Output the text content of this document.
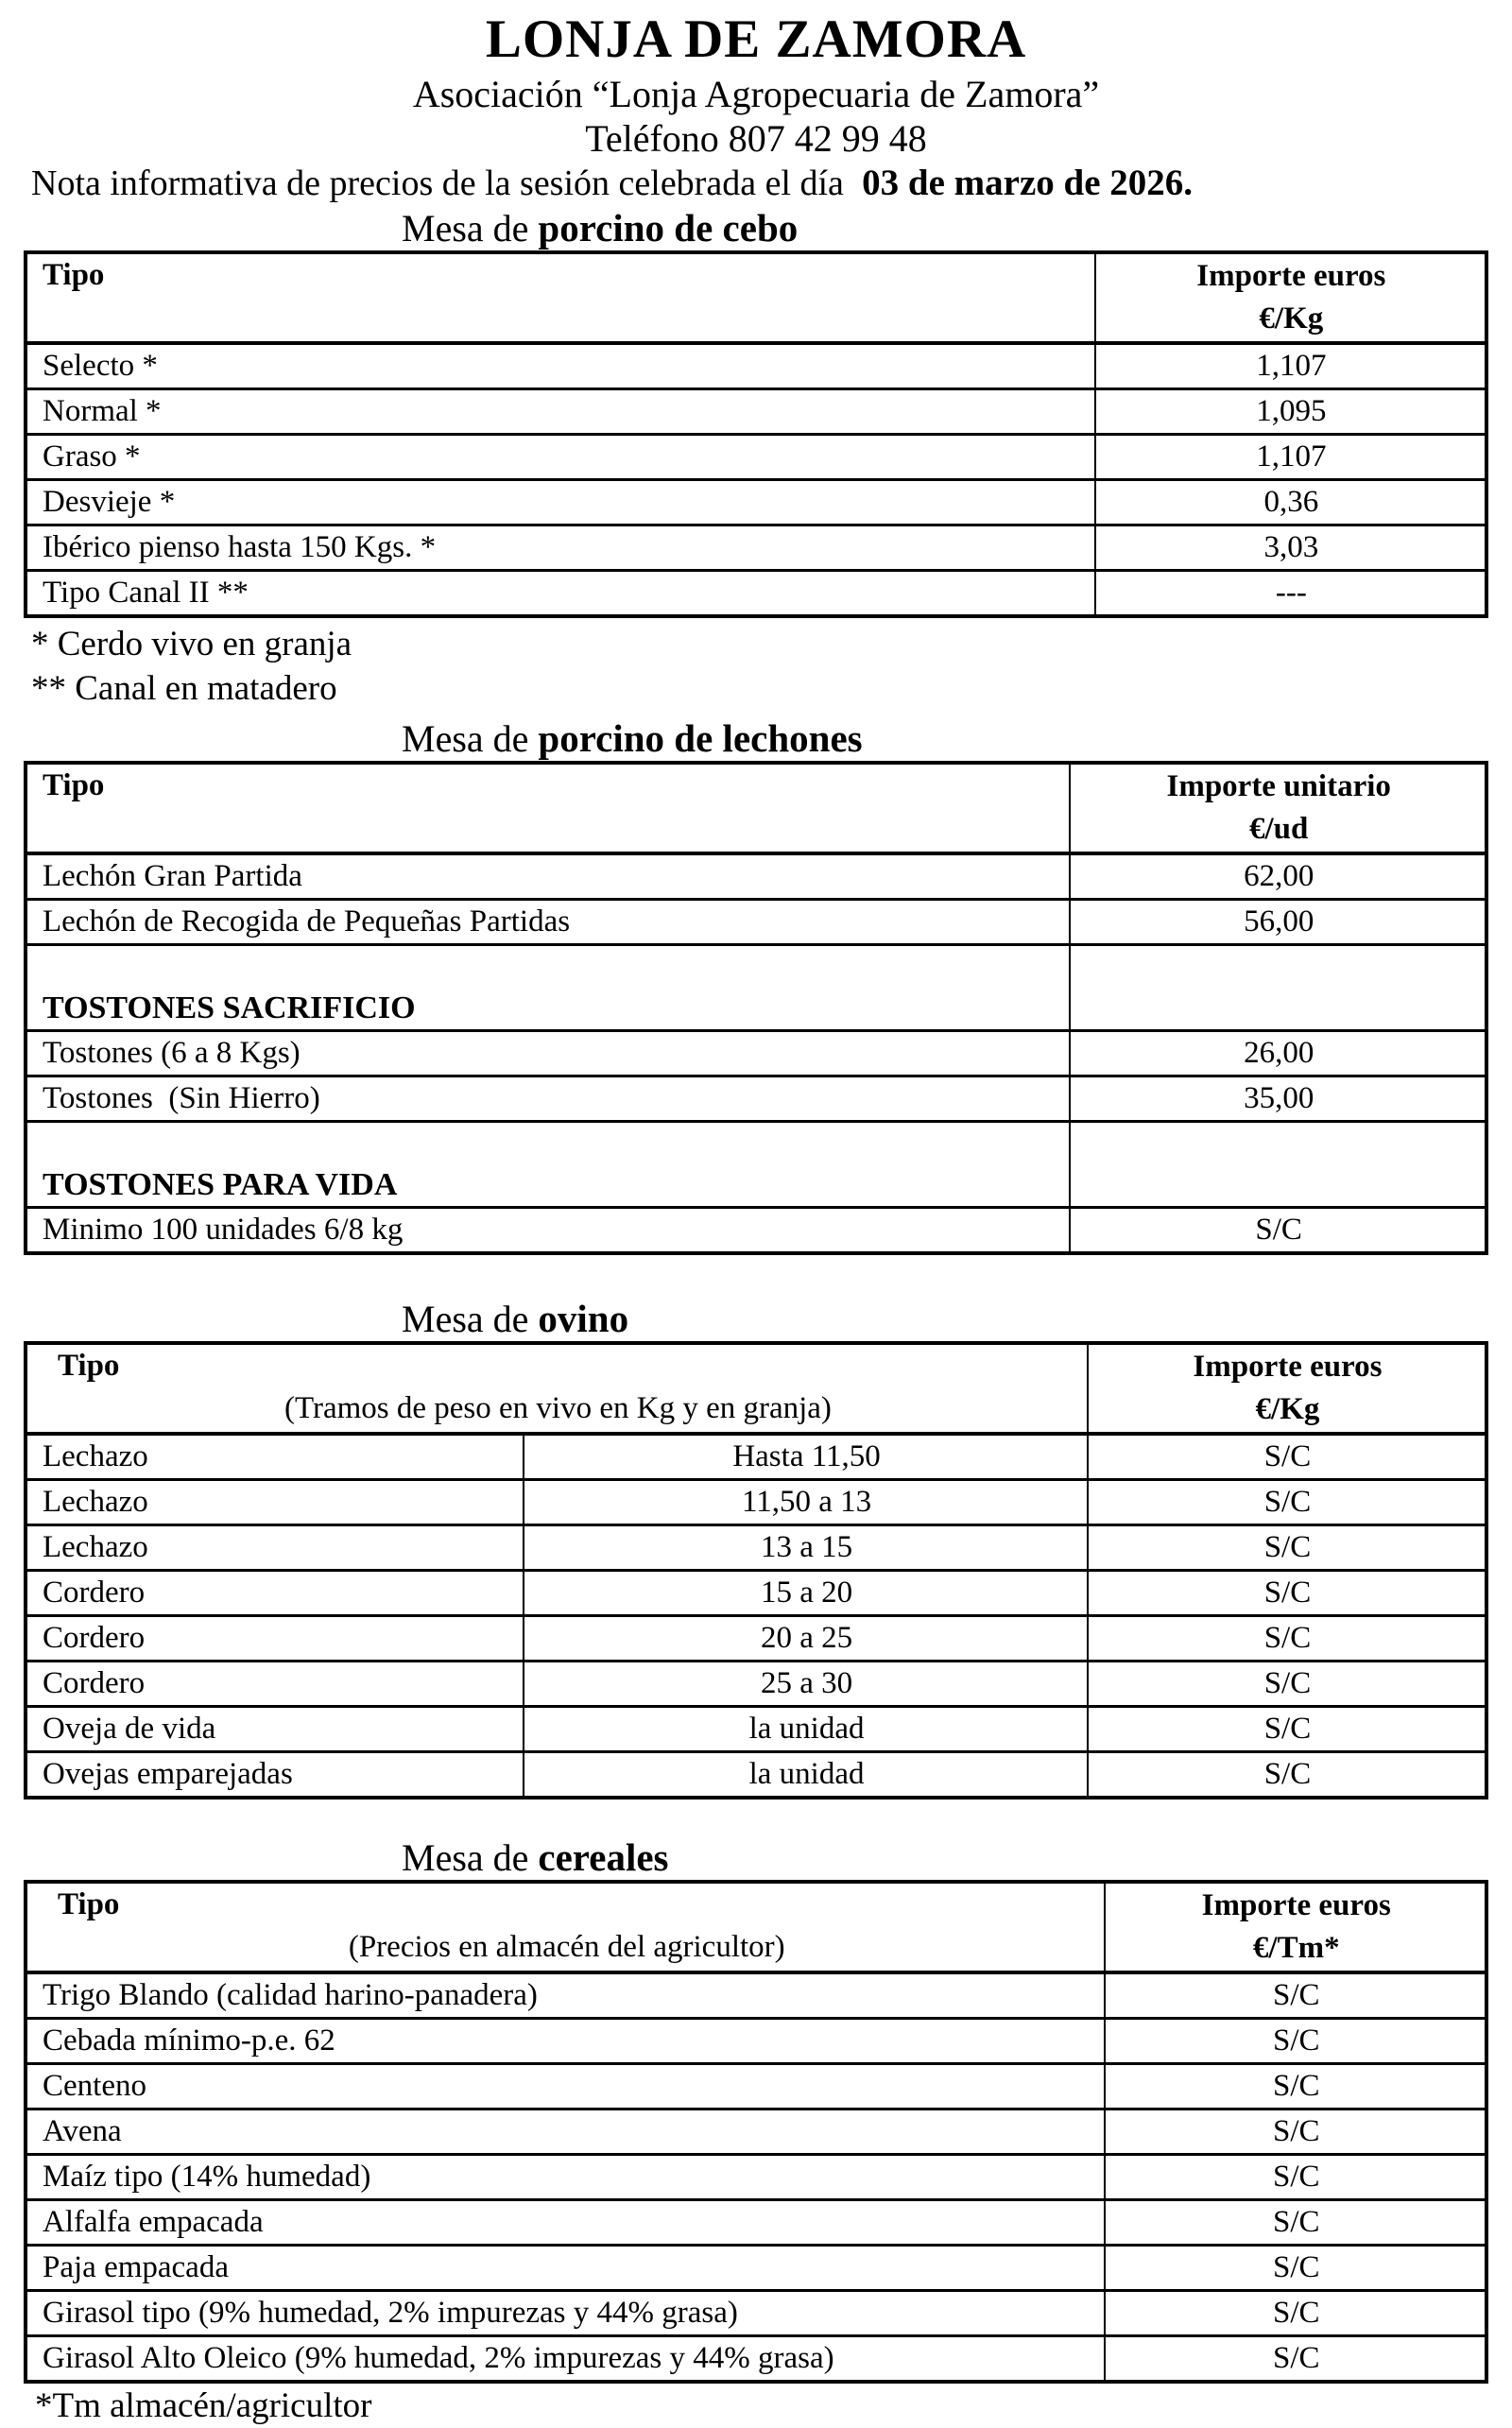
LONJA DE ZAMORA
Asociación “Lonja Agropecuaria de Zamora”
Teléfono 807 42 99 48
Nota informativa de precios de la sesión celebrada el día  03 de marzo de 2026.
Mesa de porcino de cebo
Tipo	Importe euros
€/Kg

Selecto *	1,107
Normal *	1,095
Graso *	1,107
Desvieje *	0,36
Ibérico pienso hasta 150 Kgs. *	3,03
Tipo Canal II **	---
* Cerdo vivo en granja
** Canal en matadero
Mesa de porcino de lechones
Tipo	Importe unitario
€/ud

Lechón Gran Partida	62,00
Lechón de Recogida de Pequeñas Partidas	56,00
TOSTONES SACRIFICIO	
Tostones (6 a 8 Kgs)	26,00
Tostones  (Sin Hierro)	35,00
TOSTONES PARA VIDA	
Minimo 100 unidades 6/8 kg	S/C
Mesa de ovino
Tipo
(Tramos de peso en vivo en Kg y en granja)

Importe euros
€/Kg

Lechazo	Hasta 11,50	S/C
Lechazo	11,50 a 13	S/C
Lechazo	13 a 15	S/C
Cordero	15 a 20	S/C
Cordero	20 a 25	S/C
Cordero	25 a 30	S/C
Oveja de vida	la unidad	S/C
Ovejas emparejadas	la unidad	S/C
Mesa de cereales
Tipo
(Precios en almacén del agricultor)

Importe euros
€/Tm*

Trigo Blando (calidad harino-panadera)	S/C
Cebada mínimo-p.e. 62	S/C
Centeno	S/C
Avena	S/C
Maíz tipo (14% humedad)	S/C
Alfalfa empacada	S/C
Paja empacada	S/C
Girasol tipo (9% humedad, 2% impurezas y 44% grasa)	S/C
Girasol Alto Oleico (9% humedad, 2% impurezas y 44% grasa)	S/C
*Tm almacén/agricultor
